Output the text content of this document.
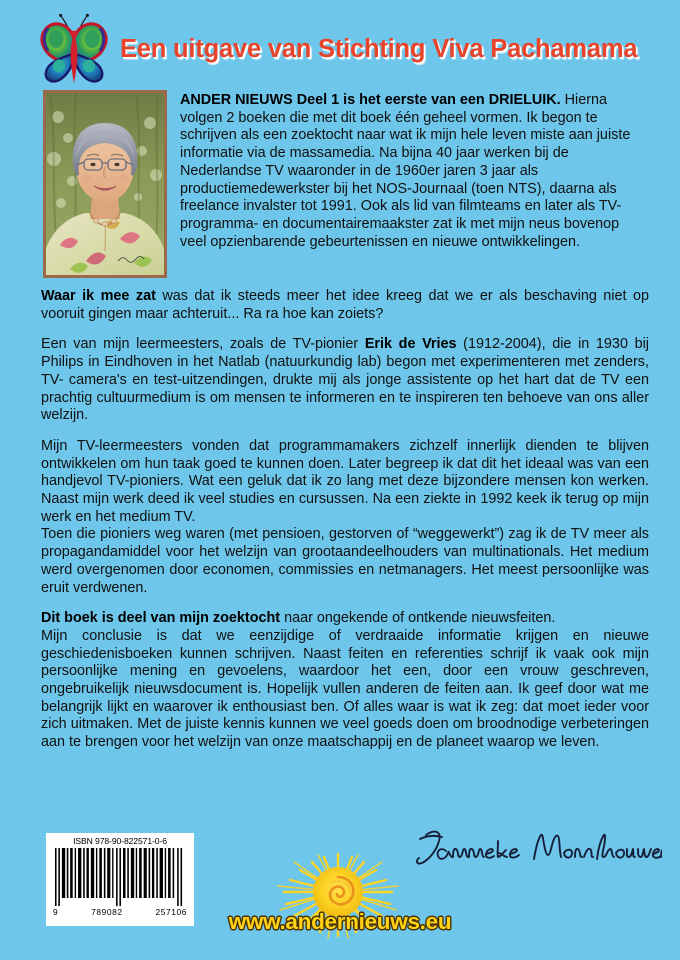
Een uitgave van Stichting Viva Pachamama

ANDER NIEUWS Deel 1 is het eerste van een DRIELUIK. Hierna volgen 2 boeken die met dit boek één geheel vormen. Ik begon te schrijven als een zoektocht naar wat ik mijn hele leven miste aan juiste informatie via de massamedia. Na bijna 40 jaar werken bij de Nederlandse TV waaronder in de 1960er jaren 3 jaar als productiemedewerkster bij het NOS-Journaal (toen NTS), daarna als freelance invalster tot 1991. Ook als lid van filmteams en later als TV-programma- en documentairemaakster zat ik met mijn neus bovenop veel opzienbarende gebeurtenissen en nieuwe ontwikkelingen.

Waar ik mee zat was dat ik steeds meer het idee kreeg dat we er als beschaving niet op vooruit gingen maar achteruit... Ra ra hoe kan zoiets?

Een van mijn leermeesters, zoals de TV-pionier Erik de Vries (1912-2004), die in 1930 bij Philips in Eindhoven in het Natlab (natuurkundig lab) begon met experimenteren met zenders, TV- camera's en test-uitzendingen, drukte mij als jonge assistente op het hart dat de TV een prachtig cultuurmedium is om mensen te informeren en te inspireren ten behoeve van ons aller welzijn.

Mijn TV-leermeesters vonden dat programmamakers zichzelf innerlijk dienden te blijven ontwikkelen om hun taak goed te kunnen doen. Later begreep ik dat dit het ideaal was van een handjevol TV-pioniers. Wat een geluk dat ik zo lang met deze bijzondere mensen kon werken. Naast mijn werk deed ik veel studies en cursussen. Na een ziekte in 1992 keek ik terug op mijn werk en het medium TV.

Toen die pioniers weg waren (met pensioen, gestorven of “weggewerkt”) zag ik de TV meer als propagandamiddel voor het welzijn van grootaandeelhouders van multinationals. Het medium werd overgenomen door economen, commissies en netmanagers. Het meest persoonlijke was eruit verdwenen.

Dit boek is deel van mijn zoektocht naar ongekende of ontkende nieuwsfeiten.

Mijn conclusie is dat we eenzijdige of verdraaide informatie krijgen en nieuwe geschiedenisboeken kunnen schrijven. Naast feiten en referenties schrijf ik vaak ook mijn persoonlijke mening en gevoelens, waardoor het een, door een vrouw geschreven, ongebruikelijk nieuwsdocument is. Hopelijk vullen anderen de feiten aan. Ik geef door wat me belangrijk lijkt en waarover ik enthousiast ben. Of alles waar is wat ik zeg: dat moet ieder voor zich uitmaken. Met de juiste kennis kunnen we veel goeds doen om broodnodige verbeteringen aan te brengen voor het welzijn van onze maatschappij en de planeet waarop we leven.

ISBN 978-90-822571-0-6
9	789082	257106	www.andernieuws.eu
